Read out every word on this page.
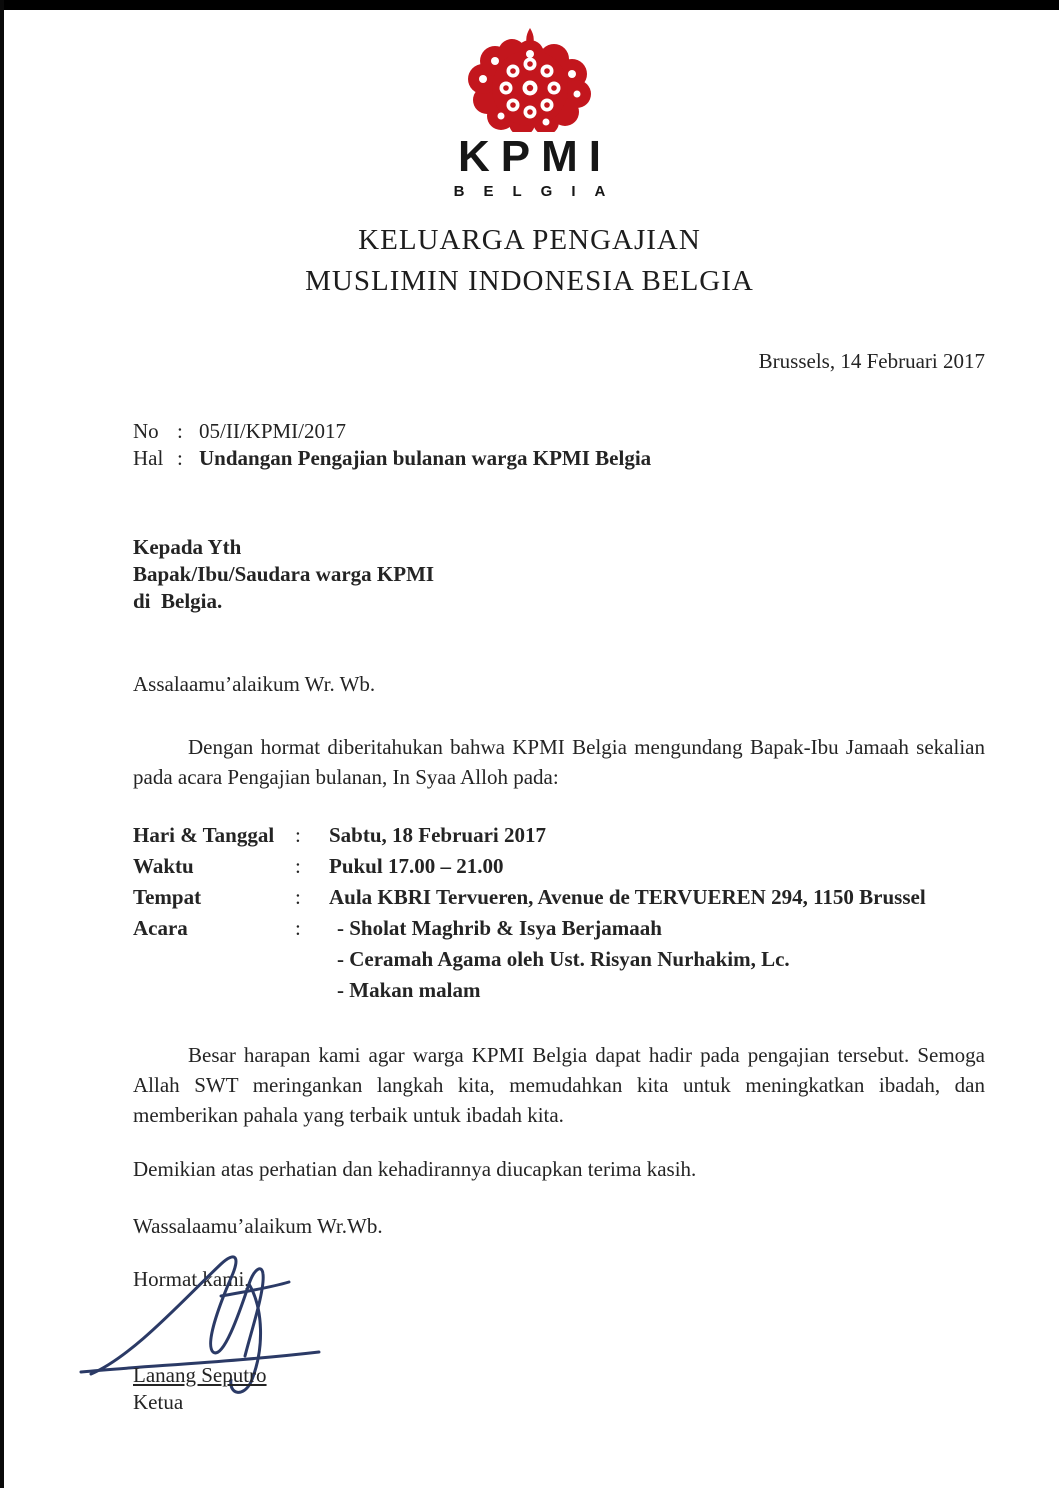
KPMI
BELGIA
KELUARGA PENGAJIAN
MUSLIMIN INDONESIA BELGIA
Brussels, 14 Februari 2017
No : 05/II/KPMI/2017
Hal : Undangan Pengajian bulanan warga KPMI Belgia
Kepada Yth
Bapak/Ibu/Saudara warga KPMI
di  Belgia.
Assalaamu’alaikum Wr. Wb.

Dengan hormat diberitahukan bahwa KPMI Belgia mengundang Bapak-Ibu Jamaah sekalian pada acara Pengajian bulanan, In Syaa Alloh pada:

Hari & Tanggal :	Sabtu, 18 Februari 2017
Waktu	:	Pukul 17.00 – 21.00
Tempat	:	Aula KBRI Tervueren, Avenue de TERVUEREN 294, 1150 Brussel
Acara	:	- Sholat Maghrib & Isya Berjamaah
- Ceramah Agama oleh Ust. Risyan Nurhakim, Lc.
- Makan malam

Besar harapan kami agar warga KPMI Belgia dapat hadir pada pengajian tersebut. Semoga Allah SWT meringankan langkah kita, memudahkan kita untuk meningkatkan ibadah, dan memberikan pahala yang terbaik untuk ibadah kita.

Demikian atas perhatian dan kehadirannya diucapkan terima kasih.

Wassalaamu’alaikum Wr.Wb.
Hormat kami,
Lanang Seputro
Ketua
